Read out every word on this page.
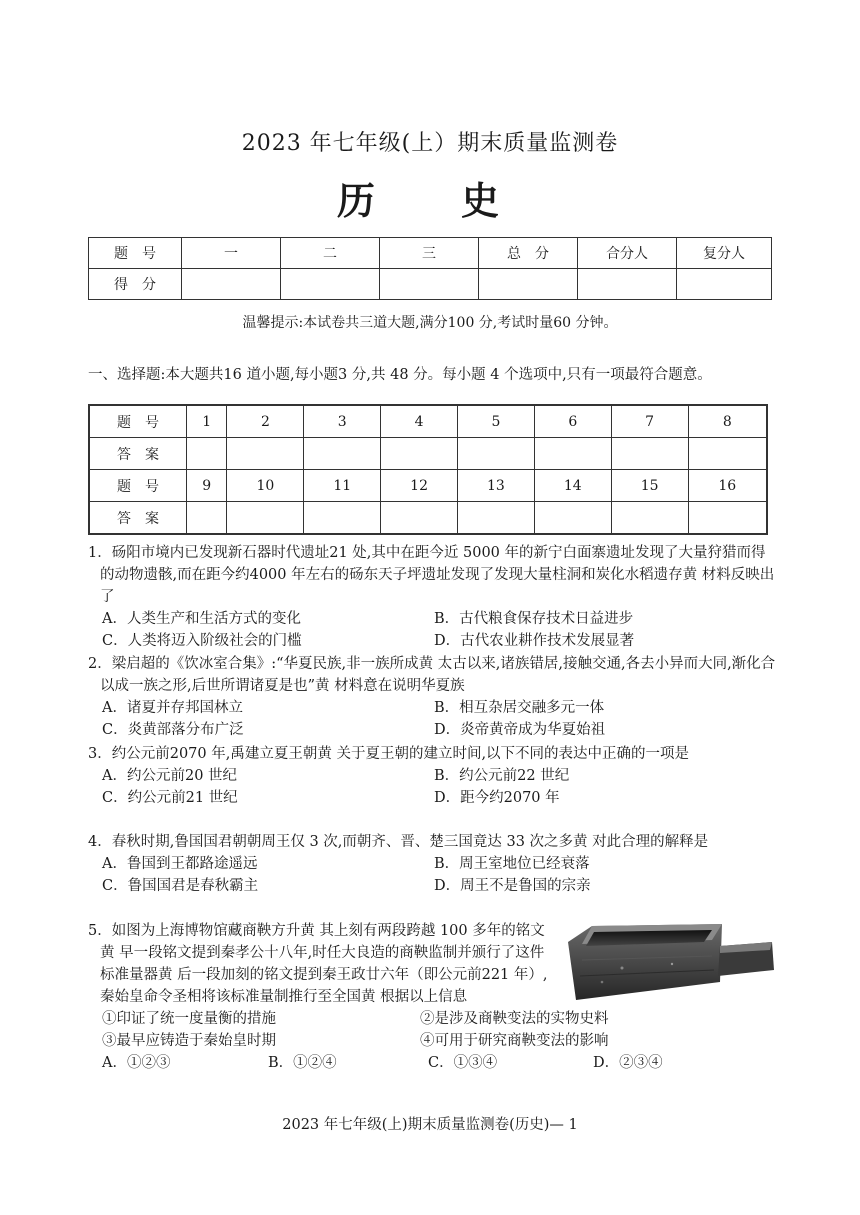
2023 年七年级(上）期末质量监测卷
历　史
题　号	一	二	三	总　分	合分人	复分人
得　分						
温馨提示:本试卷共三道大题,满分100 分,考试时量60 分钟。
一、选择题:本大题共16 道小题,每小题3 分,共 48 分。每小题 4 个选项中,只有一项最符合题意。
题　号	1	2	3	4	5	6	7	8
答　案								
题　号	9	10	11	12	13	14	15	16
答　案								
1．砀阳市境内已发现新石器时代遗址21 处,其中在距今近 5000 年的新宁白面寨遗址发现了大量狩猎而得的动物遗骸,而在距今约4000 年左右的砀东天子坪遗址发现了发现大量柱洞和炭化水稻遗存黄 材料反映出了
A．人类生产和生活方式的变化	B．古代粮食保存技术日益进步
C．人类将迈入阶级社会的门槛	D．古代农业耕作技术发展显著
2．梁启超的《饮冰室合集》:“华夏民族,非一族所成黄 太古以来,诸族错居,接触交通,各去小异而大同,渐化合以成一族之形,后世所谓诸夏是也”黄 材料意在说明华夏族
A．诸夏并存邦国林立	B．相互杂居交融多元一体
C．炎黄部落分布广泛	D．炎帝黄帝成为华夏始祖
3．约公元前2070 年,禹建立夏王朝黄 关于夏王朝的建立时间,以下不同的表达中正确的一项是
A．约公元前20 世纪	B．约公元前22 世纪
C．约公元前21 世纪	D．距今约2070 年
4．春秋时期,鲁国国君朝朝周王仅 3 次,而朝齐、晋、楚三国竟达 33 次之多黄 对此合理的解释是
A．鲁国到王都路途遥远	B．周王室地位已经衰落
C．鲁国国君是春秋霸主	D．周王不是鲁国的宗亲
5．如图为上海博物馆藏商鞅方升黄 其上刻有两段跨越 100 多年的铭文黄 早一段铭文提到秦孝公十八年,时任大良造的商鞅监制并颁行了这件标准量器黄 后一段加刻的铭文提到秦王政廿六年（即公元前221 年）,秦始皇命令圣相将该标准量制推行至全国黄 根据以上信息
①印证了统一度量衡的措施	②是涉及商鞅变法的实物史料
③最早应铸造于秦始皇时期	④可用于研究商鞅变法的影响
A．①②③	B．①②④	C．①③④	D．②③④
2023 年七年级(上)期末质量监测卷(历史)— 1
